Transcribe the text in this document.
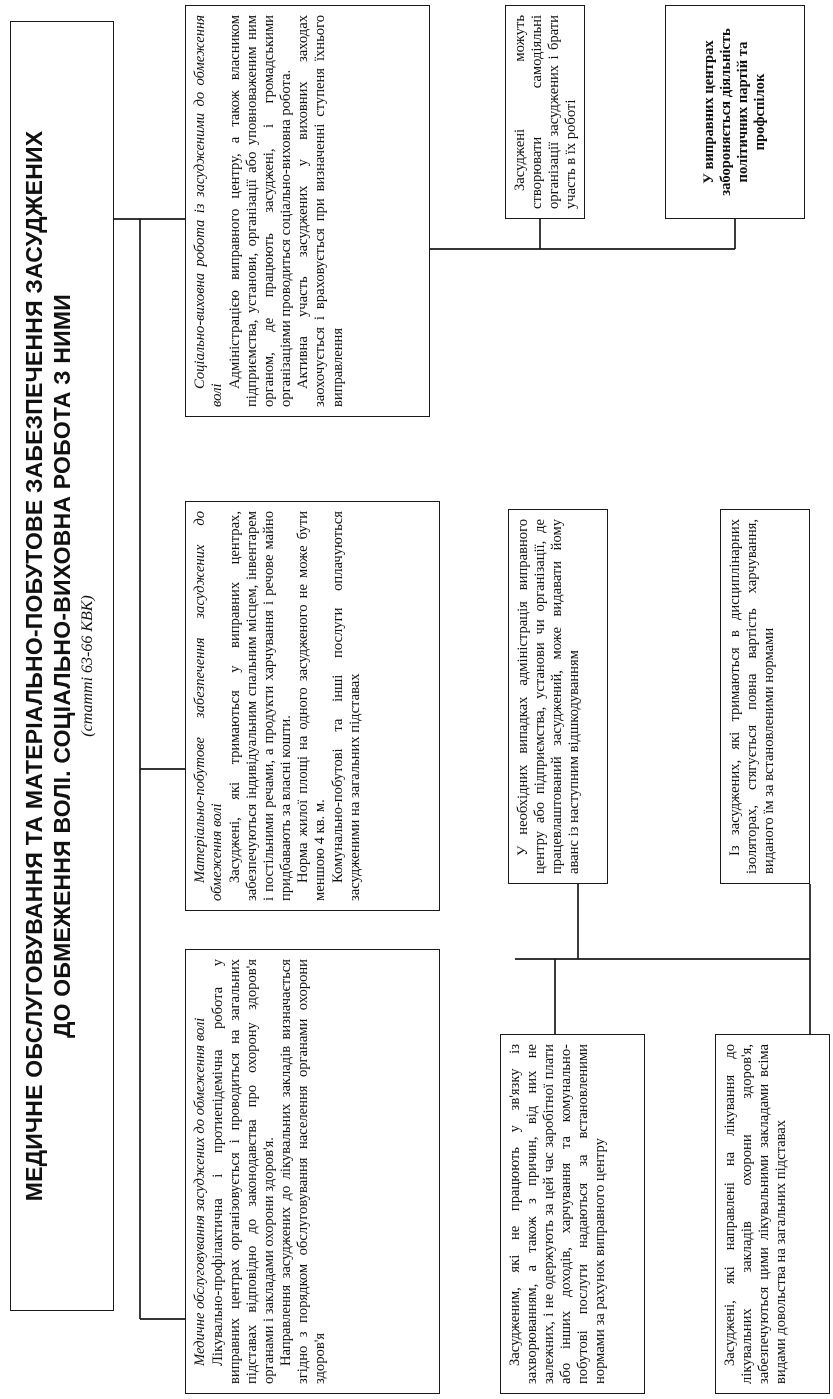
МЕДИЧНЕ ОБСЛУГОВУВАННЯ ТА МАТЕРІАЛЬНО-ПОБУТОВЕ ЗАБЕЗПЕЧЕННЯ ЗАСУДЖЕНИХ ДО ОБМЕЖЕННЯ ВОЛІ. СОЦІАЛЬНО-ВИХОВНА РОБОТА З НИМИ (статті 63-66 КВК)
Медичне обслуговування засуджених до обмеження волі Лікувально-профілактична і протиепідемічна робота у виправних центрах організовується і проводиться на загальних підставах відповідно до законодавства про охорону здоров'я органами і закладами охорони здоров'я. Направлення засуджених до лікувальних закладів визначається згідно з порядком обслуговування населення органами охорони здоров'я

Матеріально-побутове забезпечення засуджених до обмеження волі Засуджені, які тримаються у виправних центрах, забезпечуються індивідуальним спальним місцем, інвентарем і постільними речами, а продукти харчування і речове майно придбавають за власні кошти. Норма жилої площі на одного засудженого не може бути меншою 4 кв. м. Комунально-побутові та інші послуги оплачуються засудженими на загальних підставах

Соціально-виховна робота із засудженими до обмеження волі

Адміністрацією виправного центру, а також власником підприємства, установи, організації або уповноваженим ним органом, де працюють засуджені, і громадськими організаціями проводиться соціально-виховна робота. Активна участь засуджених у виховних заходах заохочується і враховується при визначенні ступеня їхнього виправлення

Засудженим, які не працюють у зв'язку із захворюванням, а також з причин, від них не залежних, і не одержують за цей час заробітної плати або інших доходів, харчування та комунально-побутові послуги надаються за встановленими нормами за рахунок виправного центру

У необхідних випадках адміністрація виправного центру або підприємства, установи чи організації, де працевлаштований засуджений, може видавати йому аванс із наступним відшкодуванням

Засуджені можуть створювати самодіяльні організації засуджених і брати участь в їх роботі	У виправних центрах забороняється діяльність політичних партій та профспілок

Засуджені, які направлені на лікування до лікувальних закладів охорони здоров'я, забезпечуються цими лікувальними закладами всіма видами довольства на загальних підставах

Із засуджених, які тримаються в дисциплінарних ізоляторах, стягується повна вартість харчування, виданого їм за встановленими нормами
